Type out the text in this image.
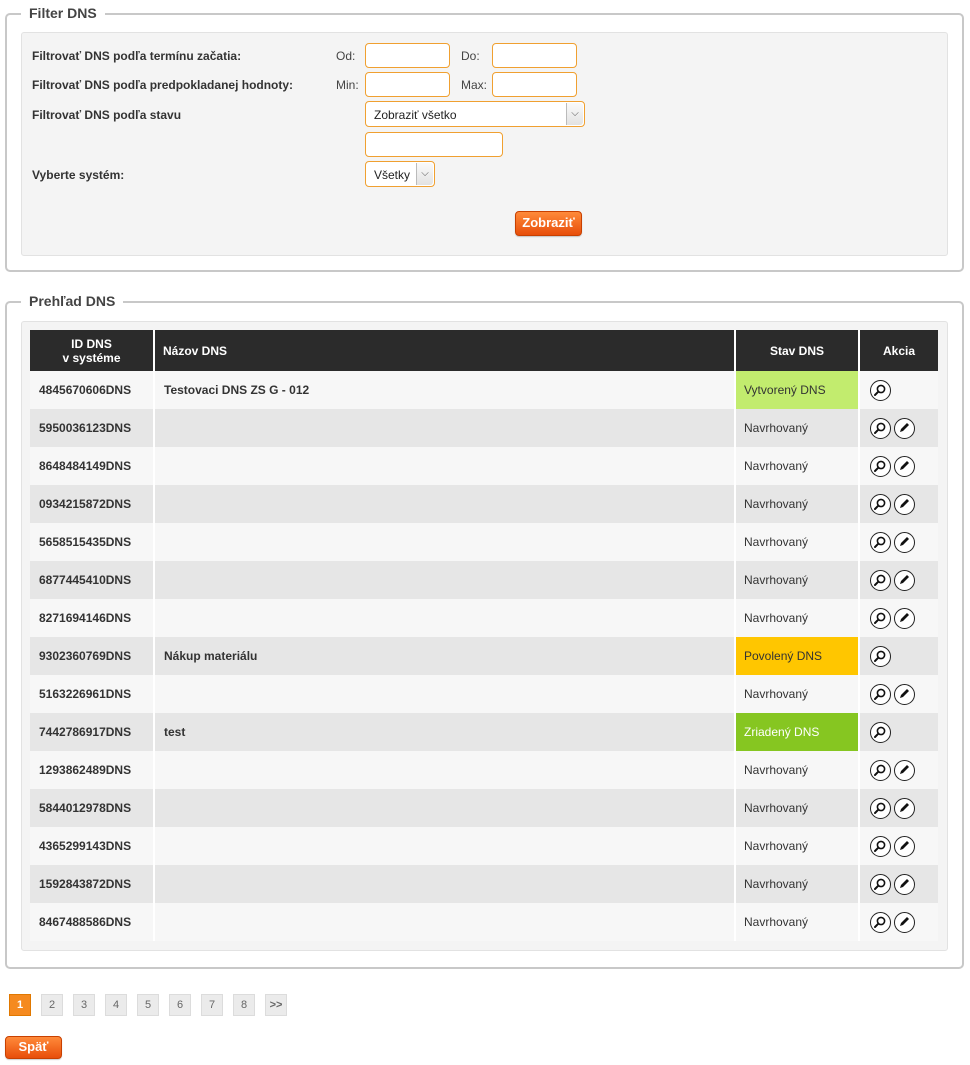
Filter DNS
Filtrovať DNS podľa termínu začatia:	Od:	Do:
Filtrovať DNS podľa predpokladanej hodnoty:	Min:	Max:
Filtrovať DNS podľa stavu	Zobraziť všetko	⌵
Vyberte systém:	Všetky	⌵
Zobraziť
Prehľad DNS
ID DNS
v systéme	Názov DNS	Stav DNS	Akcia
4845670606DNS	Testovaci DNS ZS G - 012	Vytvorený DNS	

5950036123DNS		Navrhovaný	

8648484149DNS		Navrhovaný	

0934215872DNS		Navrhovaný	

5658515435DNS		Navrhovaný	

6877445410DNS		Navrhovaný	

8271694146DNS		Navrhovaný	

9302360769DNS	Nákup materiálu	Povolený DNS	

5163226961DNS		Navrhovaný	

7442786917DNS	test	Zriadený DNS	

1293862489DNS		Navrhovaný	

5844012978DNS		Navrhovaný	

4365299143DNS		Navrhovaný	

1592843872DNS		Navrhovaný	

8467488586DNS		Navrhovaný	
1	2	3	4	5	6	7	8	>>
Späť
